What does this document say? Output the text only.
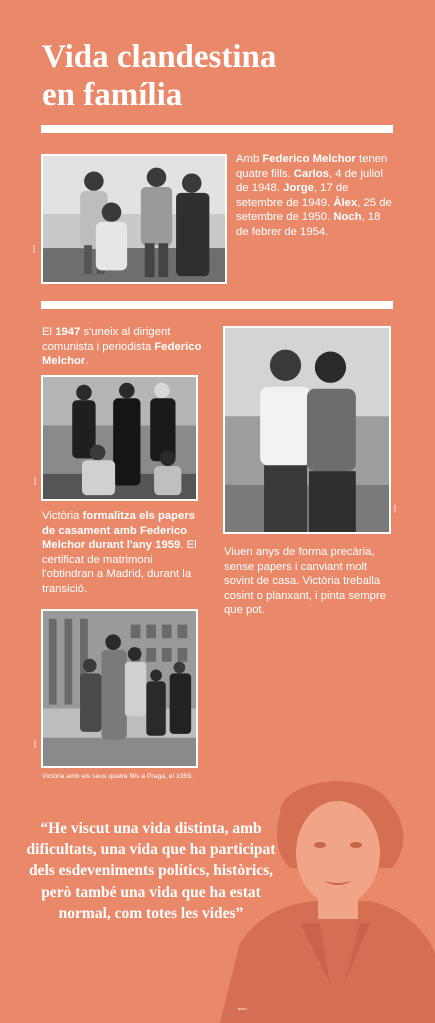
Vida clandestina
en família
arxiu

Amb Federico Melchor tenen quatre fills. Carlos, 4 de juliol de 1948. Jorge, 17 de setembre de 1949. Àlex, 25 de setembre de 1950. Noch, 18 de febrer de 1954.

El 1947 s'uneix al dirigent comunista i periodista Federico Melchor.

arxiu
arxiu

Victòria formalitza els papers de casament amb Federico Melchor durant l'any 1959. El certificat de matrimoni l'obtindran a Madrid, durant la transició.

Viuen anys de forma precària, sense papers i canviant molt sovint de casa. Victòria treballa cosint o planxant, i pinta sempre que pot.

arxiu
Victòria amb els seus quatre fills a Praga, el 1959.
“He viscut una vida distinta, amb dificultats, una vida que ha participat dels esdeveniments polítics, històrics, però també una vida que ha estat normal, com totes les vides”
arxiu
